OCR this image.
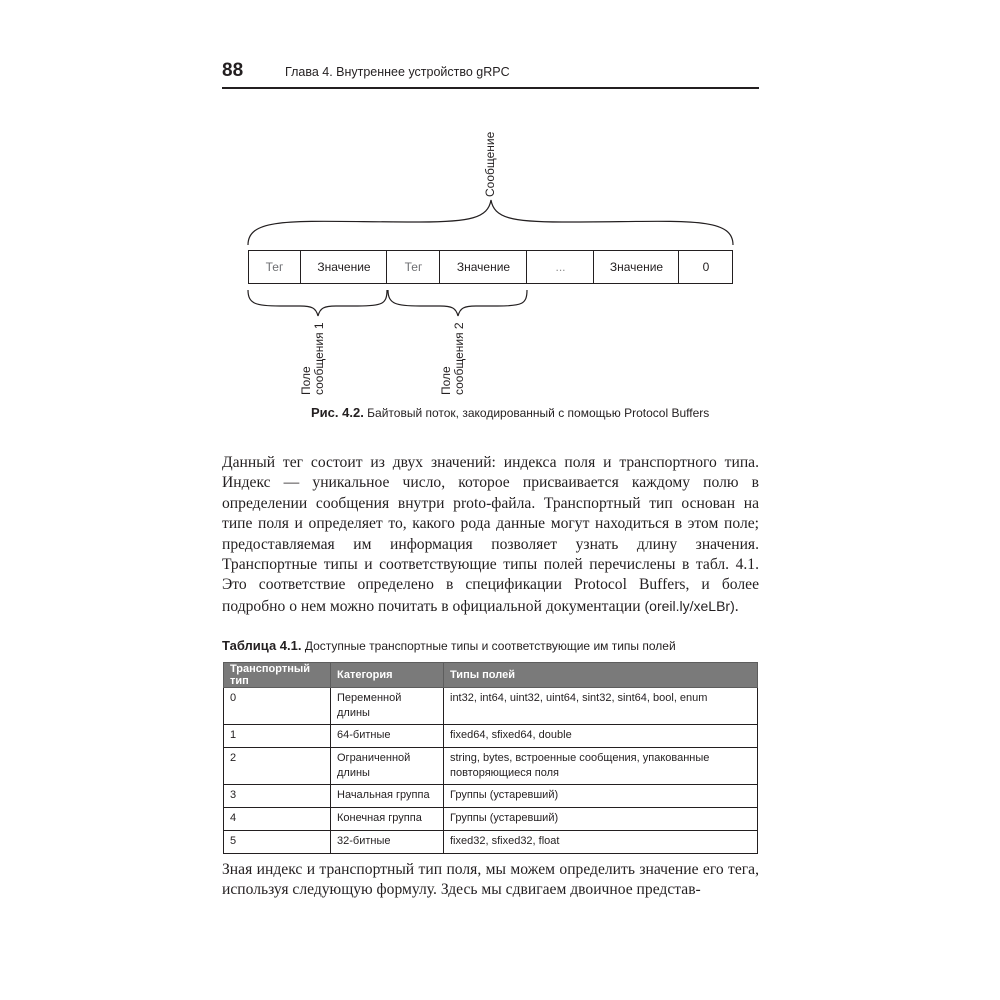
88	Глава 4. Внутреннее устройство gRPC
Сообщение
Поле сообщения 1	Поле сообщения 2
Тег	Значение	Тег	Значение	...	Значение	0
Рис. 4.2. Байтовый поток, закодированный с помощью Protocol Buffers
Данный тег состоит из двух значений: индекса поля и транспортного типа. Индекс — уникальное число, которое присваивается каждому полю в определении сообщения внутри proto-файла. Транспортный тип основан на типе поля и определяет то, какого рода данные могут находиться в этом поле; предоставляемая им информация позволяет узнать длину значения. Транспортные типы и соответствующие типы полей перечислены в табл. 4.1. Это соответствие определено в спецификации Protocol Buffers, и более подробно о нем можно почитать в официальной документации (oreil.ly/xeLBr).
Таблица 4.1. Доступные транспортные типы и соответствующие им типы полей
Транспортный тип	Категория	Типы полей
0	Переменной длины	int32, int64, uint32, uint64, sint32, sint64, bool, enum
1	64-битные	fixed64, sfixed64, double
2	Ограниченной длины	string, bytes, встроенные сообщения, упакованные повторяющиеся поля
3	Начальная группа	Группы (устаревший)
4	Конечная группа	Группы (устаревший)
5	32-битные	fixed32, sfixed32, float
Зная индекс и транспортный тип поля, мы можем определить значение его тега, используя следующую формулу. Здесь мы сдвигаем двоичное представ-
